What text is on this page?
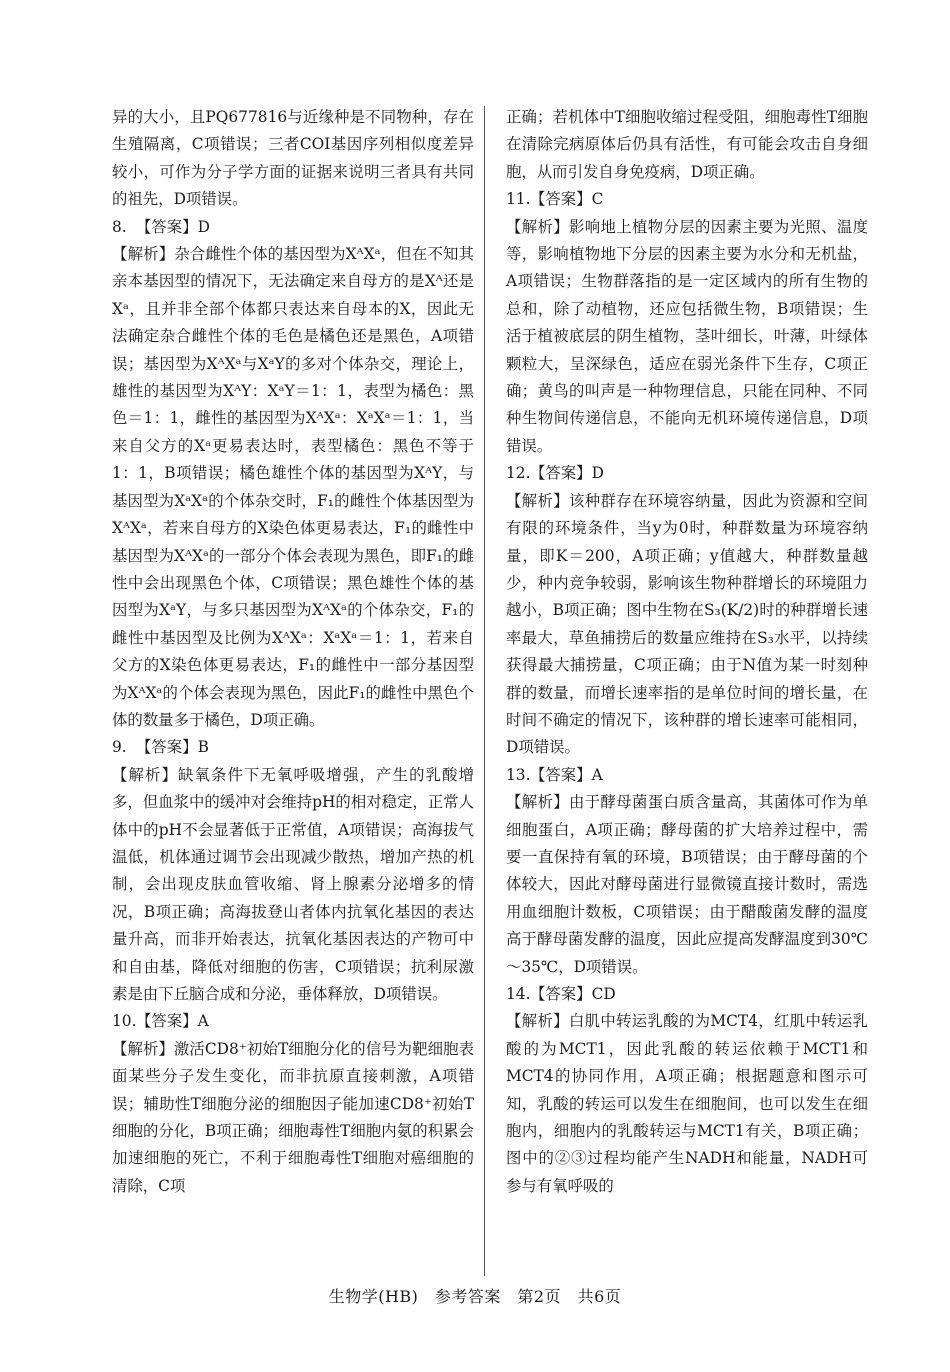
异的大小，且PQ677816与近缘种是不同物种，存在生殖隔离，C项错误；三者COI基因序列相似度差异较小，可作为分子学方面的证据来说明三者具有共同的祖先，D项错误。

8. 【答案】D

【解析】杂合雌性个体的基因型为XᴬXᵃ，但在不知其亲本基因型的情况下，无法确定来自母方的是Xᴬ还是Xᵃ，且并非全部个体都只表达来自母本的X，因此无法确定杂合雌性个体的毛色是橘色还是黑色，A项错误；基因型为XᴬXᵃ与XᵃY的多对个体杂交，理论上，雄性的基因型为XᴬY：XᵃY＝1：1，表型为橘色：黑色＝1：1，雌性的基因型为XᴬXᵃ：XᵃXᵃ＝1：1，当来自父方的Xᵃ更易表达时，表型橘色：黑色不等于1：1，B项错误；橘色雄性个体的基因型为XᴬY，与基因型为XᵃXᵃ的个体杂交时，F₁的雌性个体基因型为XᴬXᵃ，若来自母方的X染色体更易表达，F₁的雌性中基因型为XᴬXᵃ的一部分个体会表现为黑色，即F₁的雌性中会出现黑色个体，C项错误；黑色雄性个体的基因型为XᵃY，与多只基因型为XᴬXᵃ的个体杂交，F₁的雌性中基因型及比例为XᴬXᵃ：XᵃXᵃ＝1：1，若来自父方的X染色体更易表达，F₁的雌性中一部分基因型为XᴬXᵃ的个体会表现为黑色，因此F₁的雌性中黑色个体的数量多于橘色，D项正确。

9. 【答案】B

【解析】缺氧条件下无氧呼吸增强，产生的乳酸增多，但血浆中的缓冲对会维持pH的相对稳定，正常人体中的pH不会显著低于正常值，A项错误；高海拔气温低，机体通过调节会出现减少散热，增加产热的机制，会出现皮肤血管收缩、肾上腺素分泌增多的情况，B项正确；高海拔登山者体内抗氧化基因的表达量升高，而非开始表达，抗氧化基因表达的产物可中和自由基，降低对细胞的伤害，C项错误；抗利尿激素是由下丘脑合成和分泌，垂体释放，D项错误。

10. 【答案】A

【解析】激活CD8⁺初始T细胞分化的信号为靶细胞表面某些分子发生变化，而非抗原直接刺激，A项错误；辅助性T细胞分泌的细胞因子能加速CD8⁺初始T细胞的分化，B项正确；细胞毒性T细胞内氨的积累会加速细胞的死亡，不利于细胞毒性T细胞对癌细胞的清除，C项

正确；若机体中T细胞收缩过程受阻，细胞毒性T细胞在清除完病原体后仍具有活性，有可能会攻击自身细胞，从而引发自身免疫病，D项正确。

11. 【答案】C

【解析】影响地上植物分层的因素主要为光照、温度等，影响植物地下分层的因素主要为水分和无机盐，A项错误；生物群落指的是一定区域内的所有生物的总和，除了动植物，还应包括微生物，B项错误；生活于植被底层的阴生植物，茎叶细长，叶薄，叶绿体颗粒大，呈深绿色，适应在弱光条件下生存，C项正确；黄鸟的叫声是一种物理信息，只能在同种、不同种生物间传递信息，不能向无机环境传递信息，D项错误。

12. 【答案】D

【解析】该种群存在环境容纳量，因此为资源和空间有限的环境条件，当y为0时，种群数量为环境容纳量，即K＝200，A项正确；y值越大，种群数量越少，种内竞争较弱，影响该生物种群增长的环境阻力越小，B项正确；图中生物在S₃(K/2)时的种群增长速率最大，草鱼捕捞后的数量应维持在S₃水平，以持续获得最大捕捞量，C项正确；由于N值为某一时刻种群的数量，而增长速率指的是单位时间的增长量，在时间不确定的情况下，该种群的增长速率可能相同，D项错误。

13. 【答案】A

【解析】由于酵母菌蛋白质含量高，其菌体可作为单细胞蛋白，A项正确；酵母菌的扩大培养过程中，需要一直保持有氧的环境，B项错误；由于酵母菌的个体较大，因此对酵母菌进行显微镜直接计数时，需选用血细胞计数板，C项错误；由于醋酸菌发酵的温度高于酵母菌发酵的温度，因此应提高发酵温度到30℃～35℃，D项错误。

14. 【答案】CD

【解析】白肌中转运乳酸的为MCT4，红肌中转运乳酸的为MCT1，因此乳酸的转运依赖于MCT1和MCT4的协同作用，A项正确；根据题意和图示可知，乳酸的转运可以发生在细胞间，也可以发生在细胞内，细胞内的乳酸转运与MCT1有关，B项正确；图中的②③过程均能产生NADH和能量，NADH可参与有氧呼吸的

生物学(HB)　参考答案　第2页　共6页
